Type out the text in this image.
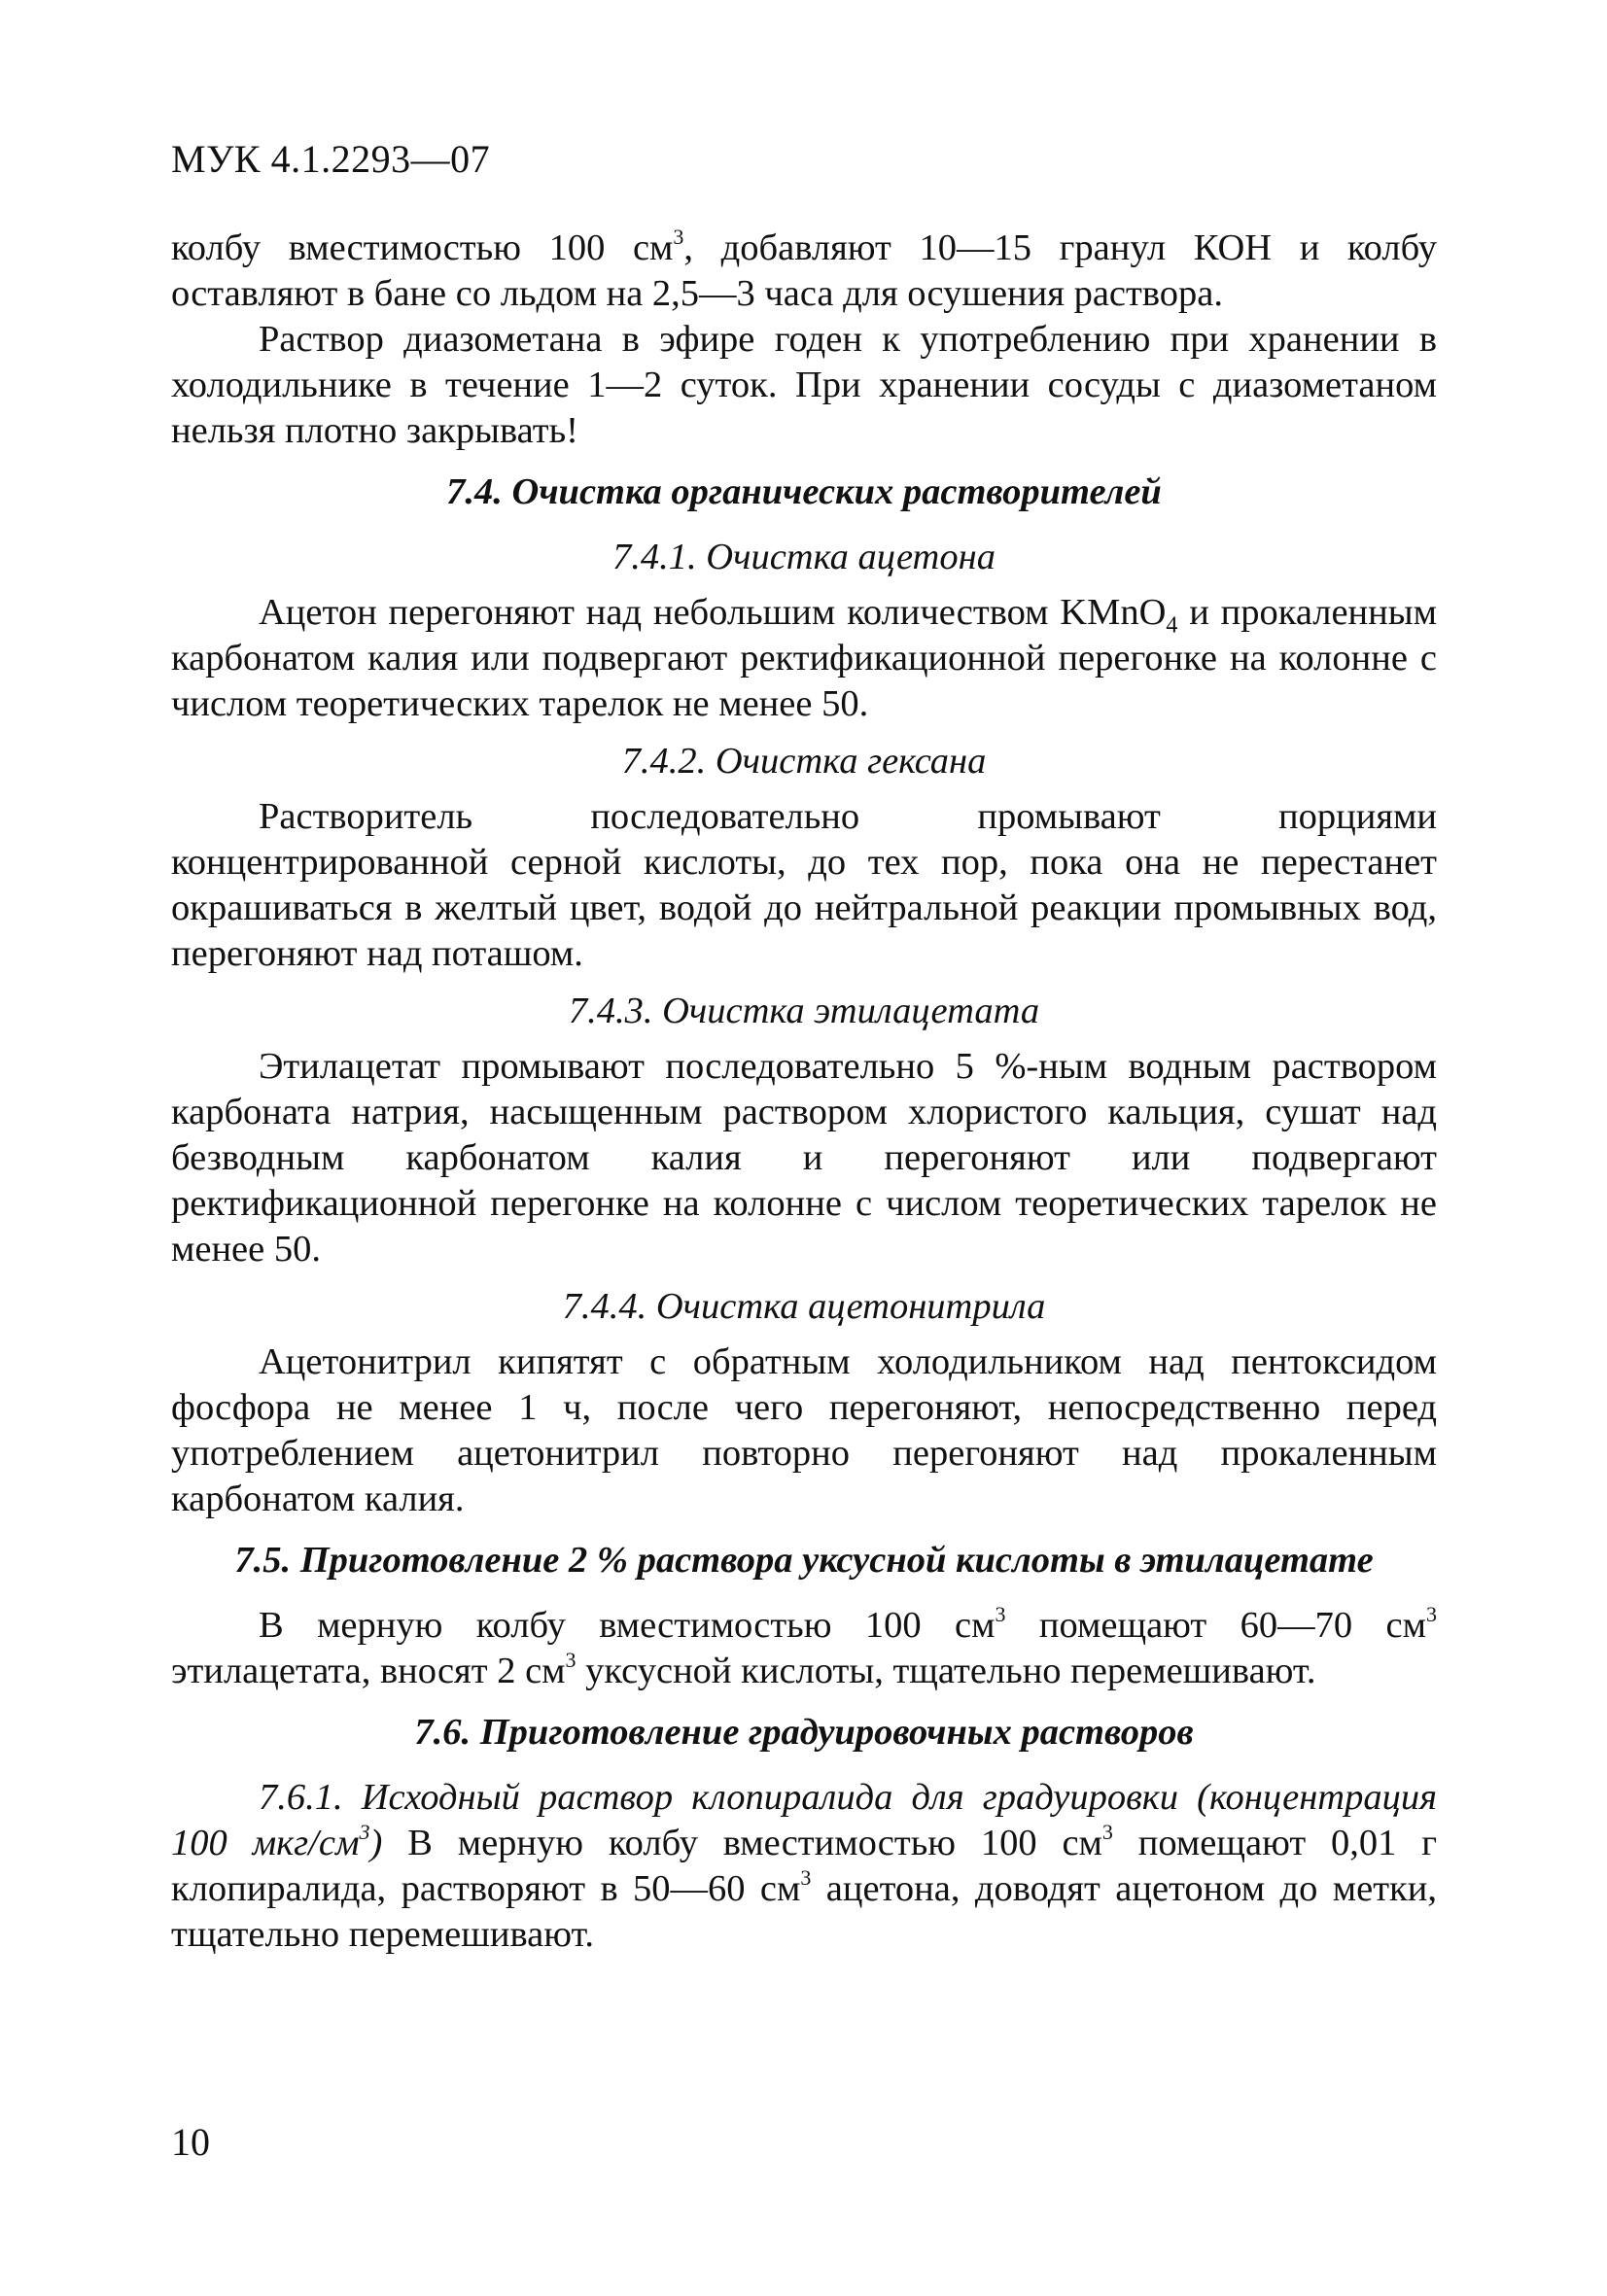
МУК 4.1.2293—07

колбу вместимостью 100 $см^3$, добавляют 10—15 гранул КОН и колбу оставляют в бане со льдом на 2,5—3 часа для осушения раствора.

Раствор диазометана в эфире годен к употреблению при хранении в холодильнике в течение 1—2 суток. При хранении сосуды с диазометаном нельзя плотно закрывать!

7.4. Очистка органических растворителей
7.4.1. Очистка ацетона

Ацетон перегоняют над небольшим количеством KMnO$_4$ и прокаленным карбонатом калия или подвергают ректификационной перегонке на колонне с числом теоретических тарелок не менее 50.

7.4.2. Очистка гексана

Растворитель последовательно промывают порциями концентрированной серной кислоты, до тех пор, пока она не перестанет окрашиваться в желтый цвет, водой до нейтральной реакции промывных вод, перегоняют над поташом.

7.4.3. Очистка этилацетата

Этилацетат промывают последовательно 5 %-ным водным раствором карбоната натрия, насыщенным раствором хлористого кальция, сушат над безводным карбонатом калия и перегоняют или подвергают ректификационной перегонке на колонне с числом теоретических тарелок не менее 50.

7.4.4. Очистка ацетонитрила

Ацетонитрил кипятят с обратным холодильником над пентоксидом фосфора не менее 1 ч, после чего перегоняют, непосредственно перед употреблением ацетонитрил повторно перегоняют над прокаленным карбонатом калия.

7.5. Приготовление 2 % раствора уксусной кислоты в этилацетате

В мерную колбу вместимостью 100 $см^3$ помещают 60—70 $см^3$ этилацетата, вносят 2 $см^3$ уксусной кислоты, тщательно перемешивают.

7.6. Приготовление градуировочных растворов

7.6.1. Исходный раствор клопиралида для градуировки (концентрация 100 мкг/$см^3$) В мерную колбу вместимостью 100 $см^3$ помещают 0,01 г клопиралида, растворяют в 50—60 $см^3$ ацетона, доводят ацетоном до метки, тщательно перемешивают.

10
